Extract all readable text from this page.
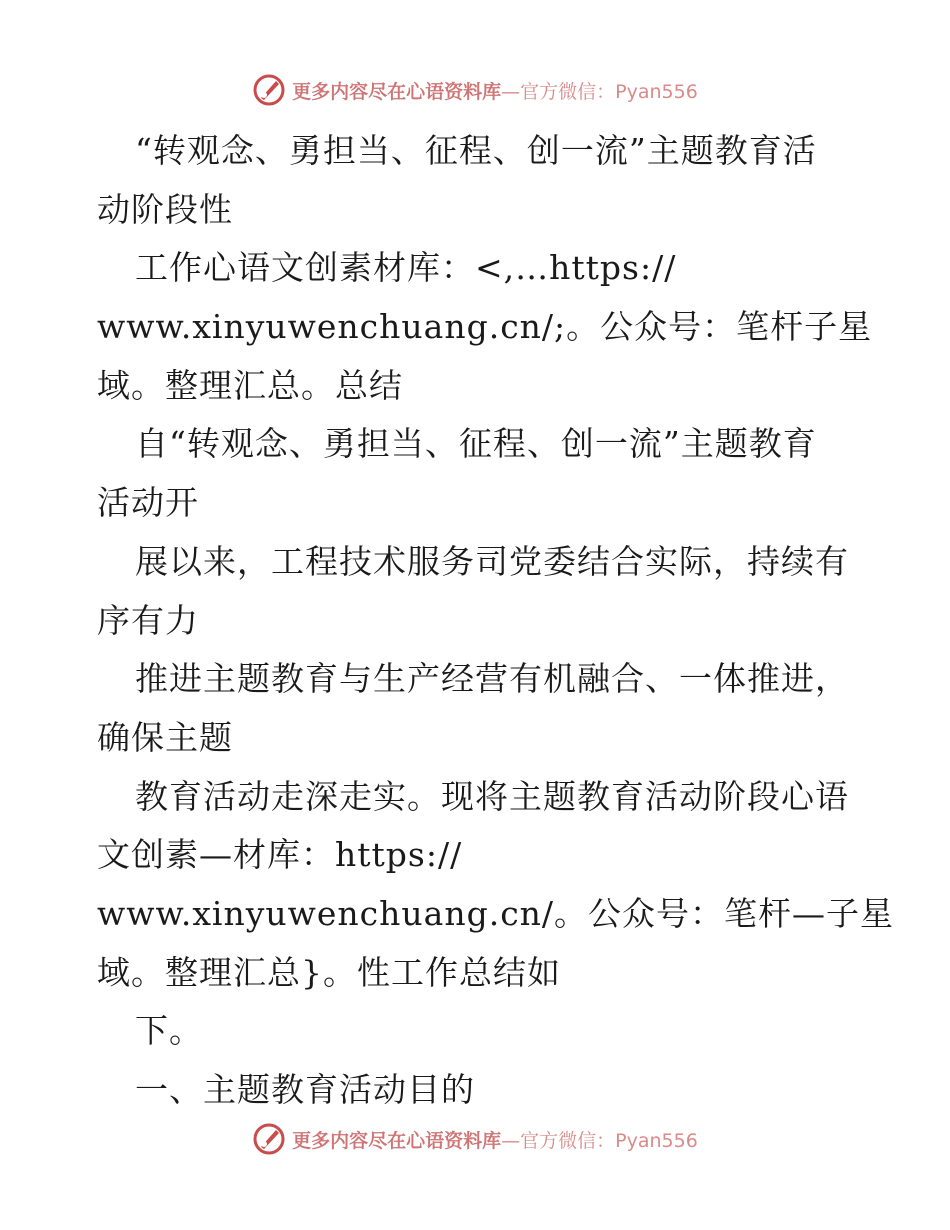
更多内容尽在心语资料库—官方微信：Pyan556
“转观念、勇担当、征程、创一流”主题教育活
动阶段性
工作心语文创素材库：<,…https://
www.xinyuwenchuang.cn/;。公众号：笔杆子星
域。整理汇总。总结
自“转观念、勇担当、征程、创一流”主题教育
活动开
展以来，工程技术服务司党委结合实际，持续有
序有力
推进主题教育与生产经营有机融合、一体推进，
确保主题
教育活动走深走实。现将主题教育活动阶段心语
文创素—材库：https://
www.xinyuwenchuang.cn/。公众号：笔杆—子星
域。整理汇总}。性工作总结如
下。
一、主题教育活动目的
更多内容尽在心语资料库—官方微信：Pyan556
